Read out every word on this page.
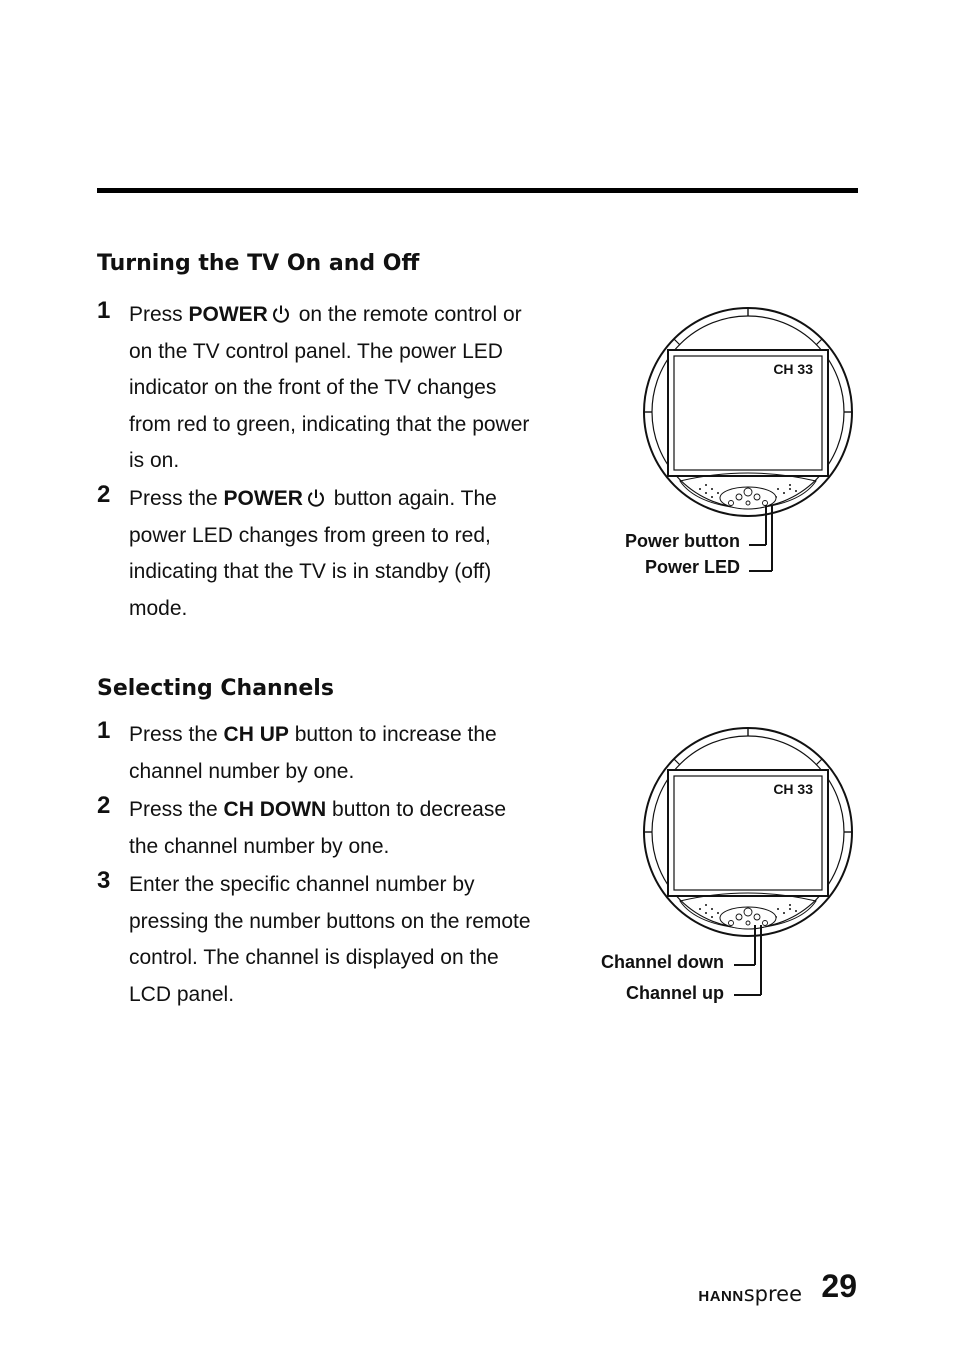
Turning the TV On and Off
1 Press POWER on the remote control or on the TV control panel. The power LED indicator on the front of the TV changes from red to green, indicating that the power is on.
2 Press the POWER button again. The power LED changes from green to red, indicating that the TV is in standby (off) mode.
CH 33
Power button
Power LED
Selecting Channels
1 Press the CH UP button to increase the channel number by one.
2 Press the CH DOWN button to decrease the channel number by one.
3 Enter the specific channel number by pressing the number buttons on the remote control. The channel is displayed on the LCD panel.
CH 33
Channel down
Channel up
HANNspree 29
